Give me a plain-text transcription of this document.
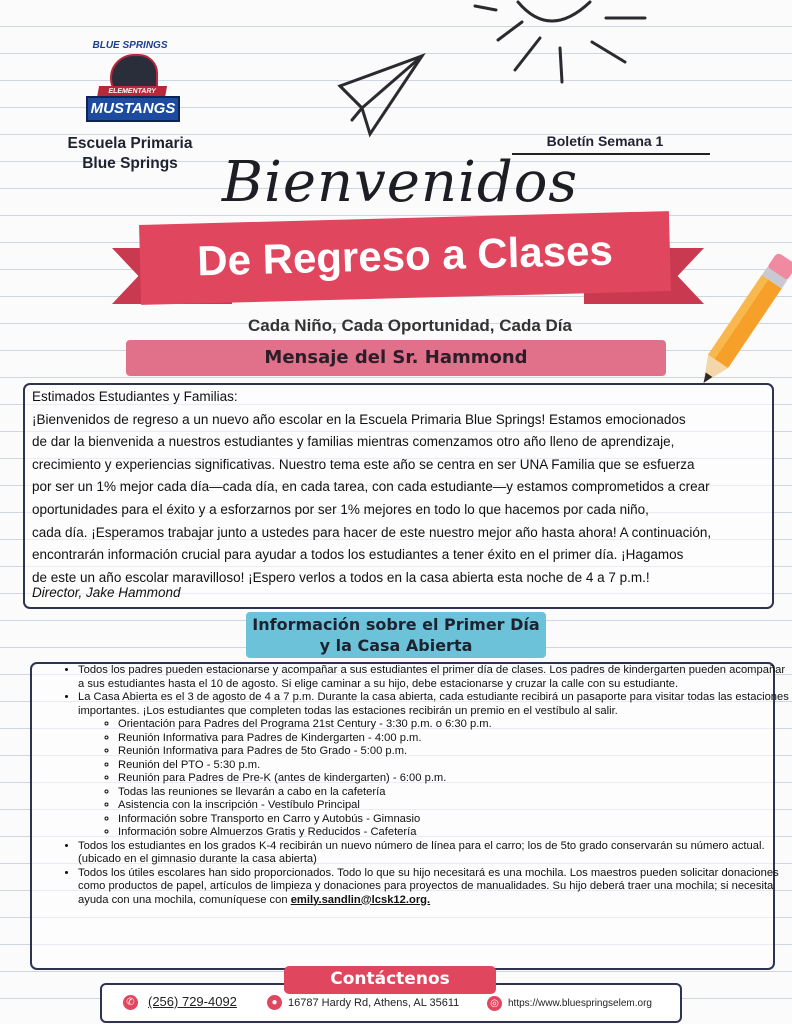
BLUE SPRINGS
ELEMENTARY
MUSTANGS
Escuela Primaria
Blue Springs
Boletín Semana 1
Bienvenidos
De Regreso a Clases
Cada Niño, Cada Oportunidad, Cada Día
Mensaje del Sr. Hammond
Estimados Estudiantes y Familias:
¡Bienvenidos de regreso a un nuevo año escolar en la Escuela Primaria Blue Springs! Estamos emocionados
de dar la bienvenida a nuestros estudiantes y familias mientras comenzamos otro año lleno de aprendizaje,
crecimiento y experiencias significativas. Nuestro tema este año se centra en ser UNA Familia que se esfuerza
por ser un 1% mejor cada día—cada día, en cada tarea, con cada estudiante—y estamos comprometidos a crear
oportunidades para el éxito y a esforzarnos por ser 1% mejores en todo lo que hacemos por cada niño,
cada día. ¡Esperamos trabajar junto a ustedes para hacer de este nuestro mejor año hasta ahora! A continuación,
encontrarán información crucial para ayudar a todos los estudiantes a tener éxito en el primer día. ¡Hagamos
de este un año escolar maravilloso! ¡Espero verlos a todos en la casa abierta esta noche de 4 a 7 p.m.!
Director, Jake Hammond
Información sobre el Primer Día
y la Casa Abierta
• Todos los padres pueden estacionarse y acompañar a sus estudiantes el primer día de clases. Los padres de kindergarten pueden acompañar a sus estudiantes hasta el 10 de agosto. Si elige caminar a su hijo, debe estacionarse y cruzar la calle con su estudiante.
• La Casa Abierta es el 3 de agosto de 4 a 7 p.m. Durante la casa abierta, cada estudiante recibirá un pasaporte para visitar todas las estaciones importantes. ¡Los estudiantes que completen todas las estaciones recibirán un premio en el vestíbulo al salir.
◦ Orientación para Padres del Programa 21st Century - 3:30 p.m. o 6:30 p.m.
◦ Reunión Informativa para Padres de Kindergarten - 4:00 p.m.
◦ Reunión Informativa para Padres de 5to Grado - 5:00 p.m.
◦ Reunión del PTO - 5:30 p.m.
◦ Reunión para Padres de Pre-K (antes de kindergarten) - 6:00 p.m.
◦ Todas las reuniones se llevarán a cabo en la cafetería
◦ Asistencia con la inscripción - Vestíbulo Principal
◦ Información sobre Transporto en Carro y Autobús - Gimnasio
◦ Información sobre Almuerzos Gratis y Reducidos - Cafetería
• Todos los estudiantes en los grados K-4 recibirán un nuevo número de línea para el carro; los de 5to grado conservarán su número actual. (ubicado en el gimnasio durante la casa abierta)
• Todos los útiles escolares han sido proporcionados. Todo lo que su hijo necesitará es una mochila. Los maestros pueden solicitar donaciones como productos de papel, artículos de limpieza y donaciones para proyectos de manualidades. Su hijo deberá traer una mochila; si necesita ayuda con una mochila, comuníquese con emily.sandlin@lcsk12.org.
Contáctenos
✆ (256) 729-4092	● 16787 Hardy Rd, Athens, AL 35611	◎ https://www.bluespringselem.org
